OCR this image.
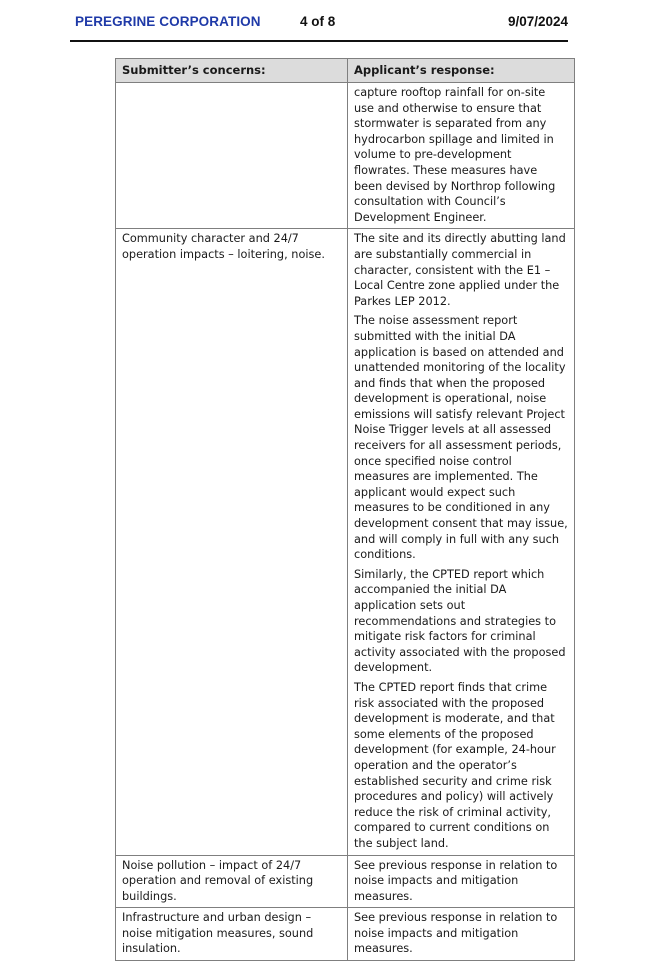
PEREGRINE CORPORATION	4 of 8	9/07/2024
Submitter’s concerns:	Applicant’s response:

	capture rooftop rainfall for on-site use and otherwise to ensure that stormwater is separated from any hydrocarbon spillage and limited in volume to pre-development flowrates. These measures have been devised by Northrop following consultation with Council’s Development Engineer.

Community character and 24/7 operation impacts – loitering, noise.	The site and its directly abutting land are substantially commercial in character, consistent with the E1 – Local Centre zone applied under the Parkes LEP 2012.

The noise assessment report submitted with the initial DA application is based on attended and unattended monitoring of the locality and finds that when the proposed development is operational, noise emissions will satisfy relevant Project Noise Trigger levels at all assessed receivers for all assessment periods, once specified noise control measures are implemented. The applicant would expect such measures to be conditioned in any development consent that may issue, and will comply in full with any such conditions.

Similarly, the CPTED report which accompanied the initial DA application sets out recommendations and strategies to mitigate risk factors for criminal activity associated with the proposed development.

The CPTED report finds that crime risk associated with the proposed development is moderate, and that some elements of the proposed development (for example, 24-hour operation and the operator’s established security and crime risk procedures and policy) will actively reduce the risk of criminal activity, compared to current conditions on the subject land.

Noise pollution – impact of 24/7 operation and removal of existing buildings.	See previous response in relation to noise impacts and mitigation measures.

Infrastructure and urban design – noise mitigation measures, sound insulation.	See previous response in relation to noise impacts and mitigation measures.
